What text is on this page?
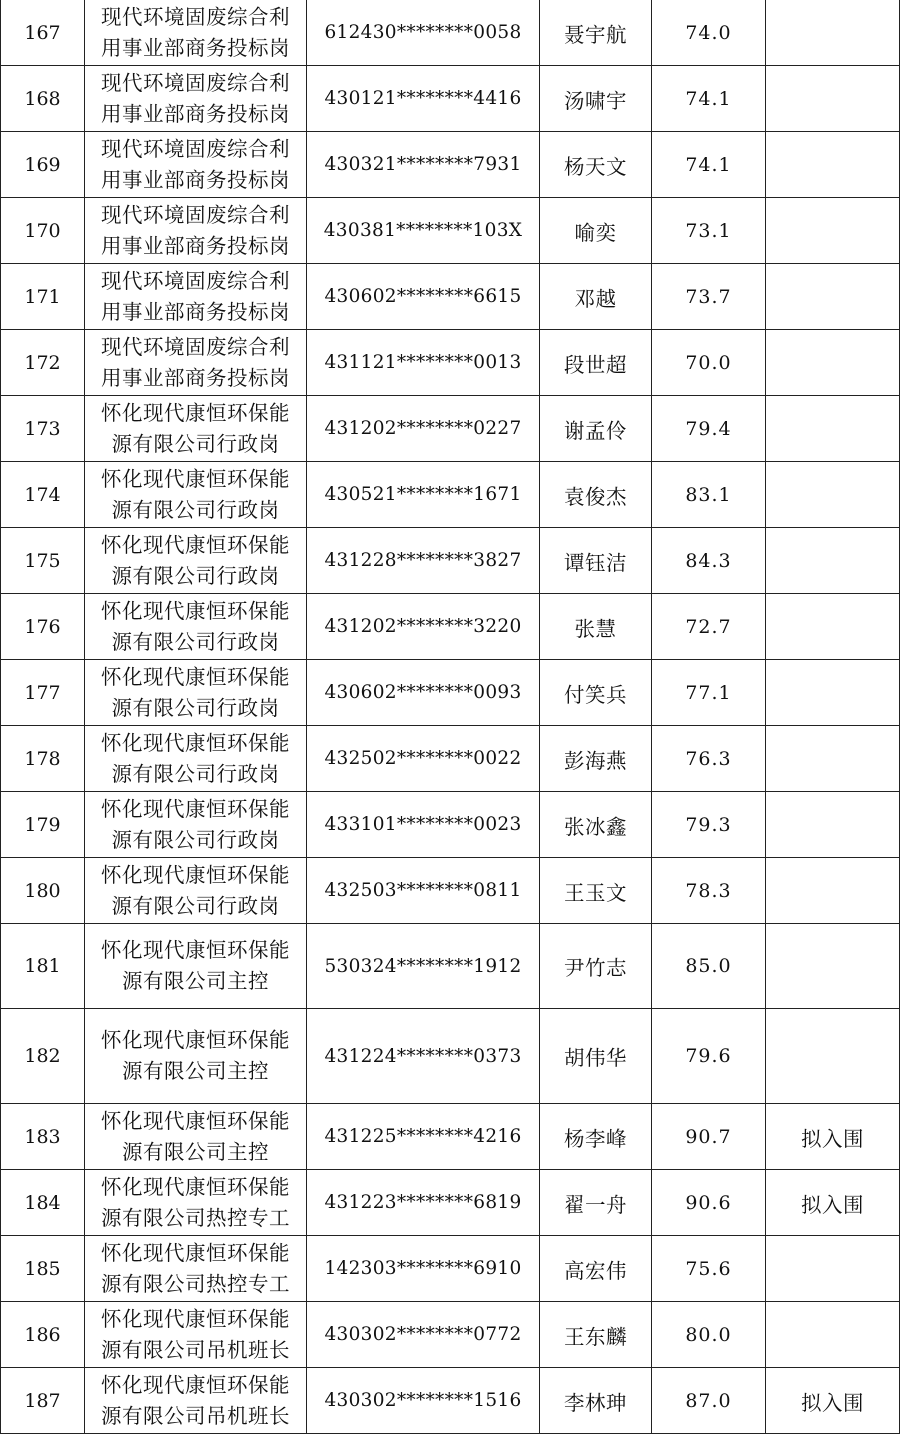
167	现代环境固废综合利用事业部商务投标岗	612430********0058	聂宇航	74.0	
168	现代环境固废综合利用事业部商务投标岗	430121********4416	汤啸宇	74.1	
169	现代环境固废综合利用事业部商务投标岗	430321********7931	杨天文	74.1	
170	现代环境固废综合利用事业部商务投标岗	430381********103X	喻奕	73.1	
171	现代环境固废综合利用事业部商务投标岗	430602********6615	邓越	73.7	
172	现代环境固废综合利用事业部商务投标岗	431121********0013	段世超	70.0	
173	怀化现代康恒环保能源有限公司行政岗	431202********0227	谢孟伶	79.4	
174	怀化现代康恒环保能源有限公司行政岗	430521********1671	袁俊杰	83.1	
175	怀化现代康恒环保能源有限公司行政岗	431228********3827	谭钰洁	84.3	
176	怀化现代康恒环保能源有限公司行政岗	431202********3220	张慧	72.7	
177	怀化现代康恒环保能源有限公司行政岗	430602********0093	付笑兵	77.1	
178	怀化现代康恒环保能源有限公司行政岗	432502********0022	彭海燕	76.3	
179	怀化现代康恒环保能源有限公司行政岗	433101********0023	张冰鑫	79.3	
180	怀化现代康恒环保能源有限公司行政岗	432503********0811	王玉文	78.3	
181	怀化现代康恒环保能源有限公司主控	530324********1912	尹竹志	85.0	
182	怀化现代康恒环保能源有限公司主控	431224********0373	胡伟华	79.6	
183	怀化现代康恒环保能源有限公司主控	431225********4216	杨李峰	90.7	拟入围
184	怀化现代康恒环保能源有限公司热控专工	431223********6819	翟一舟	90.6	拟入围
185	怀化现代康恒环保能源有限公司热控专工	142303********6910	高宏伟	75.6	
186	怀化现代康恒环保能源有限公司吊机班长	430302********0772	王东麟	80.0	
187	怀化现代康恒环保能源有限公司吊机班长	430302********1516	李林珅	87.0	拟入围
